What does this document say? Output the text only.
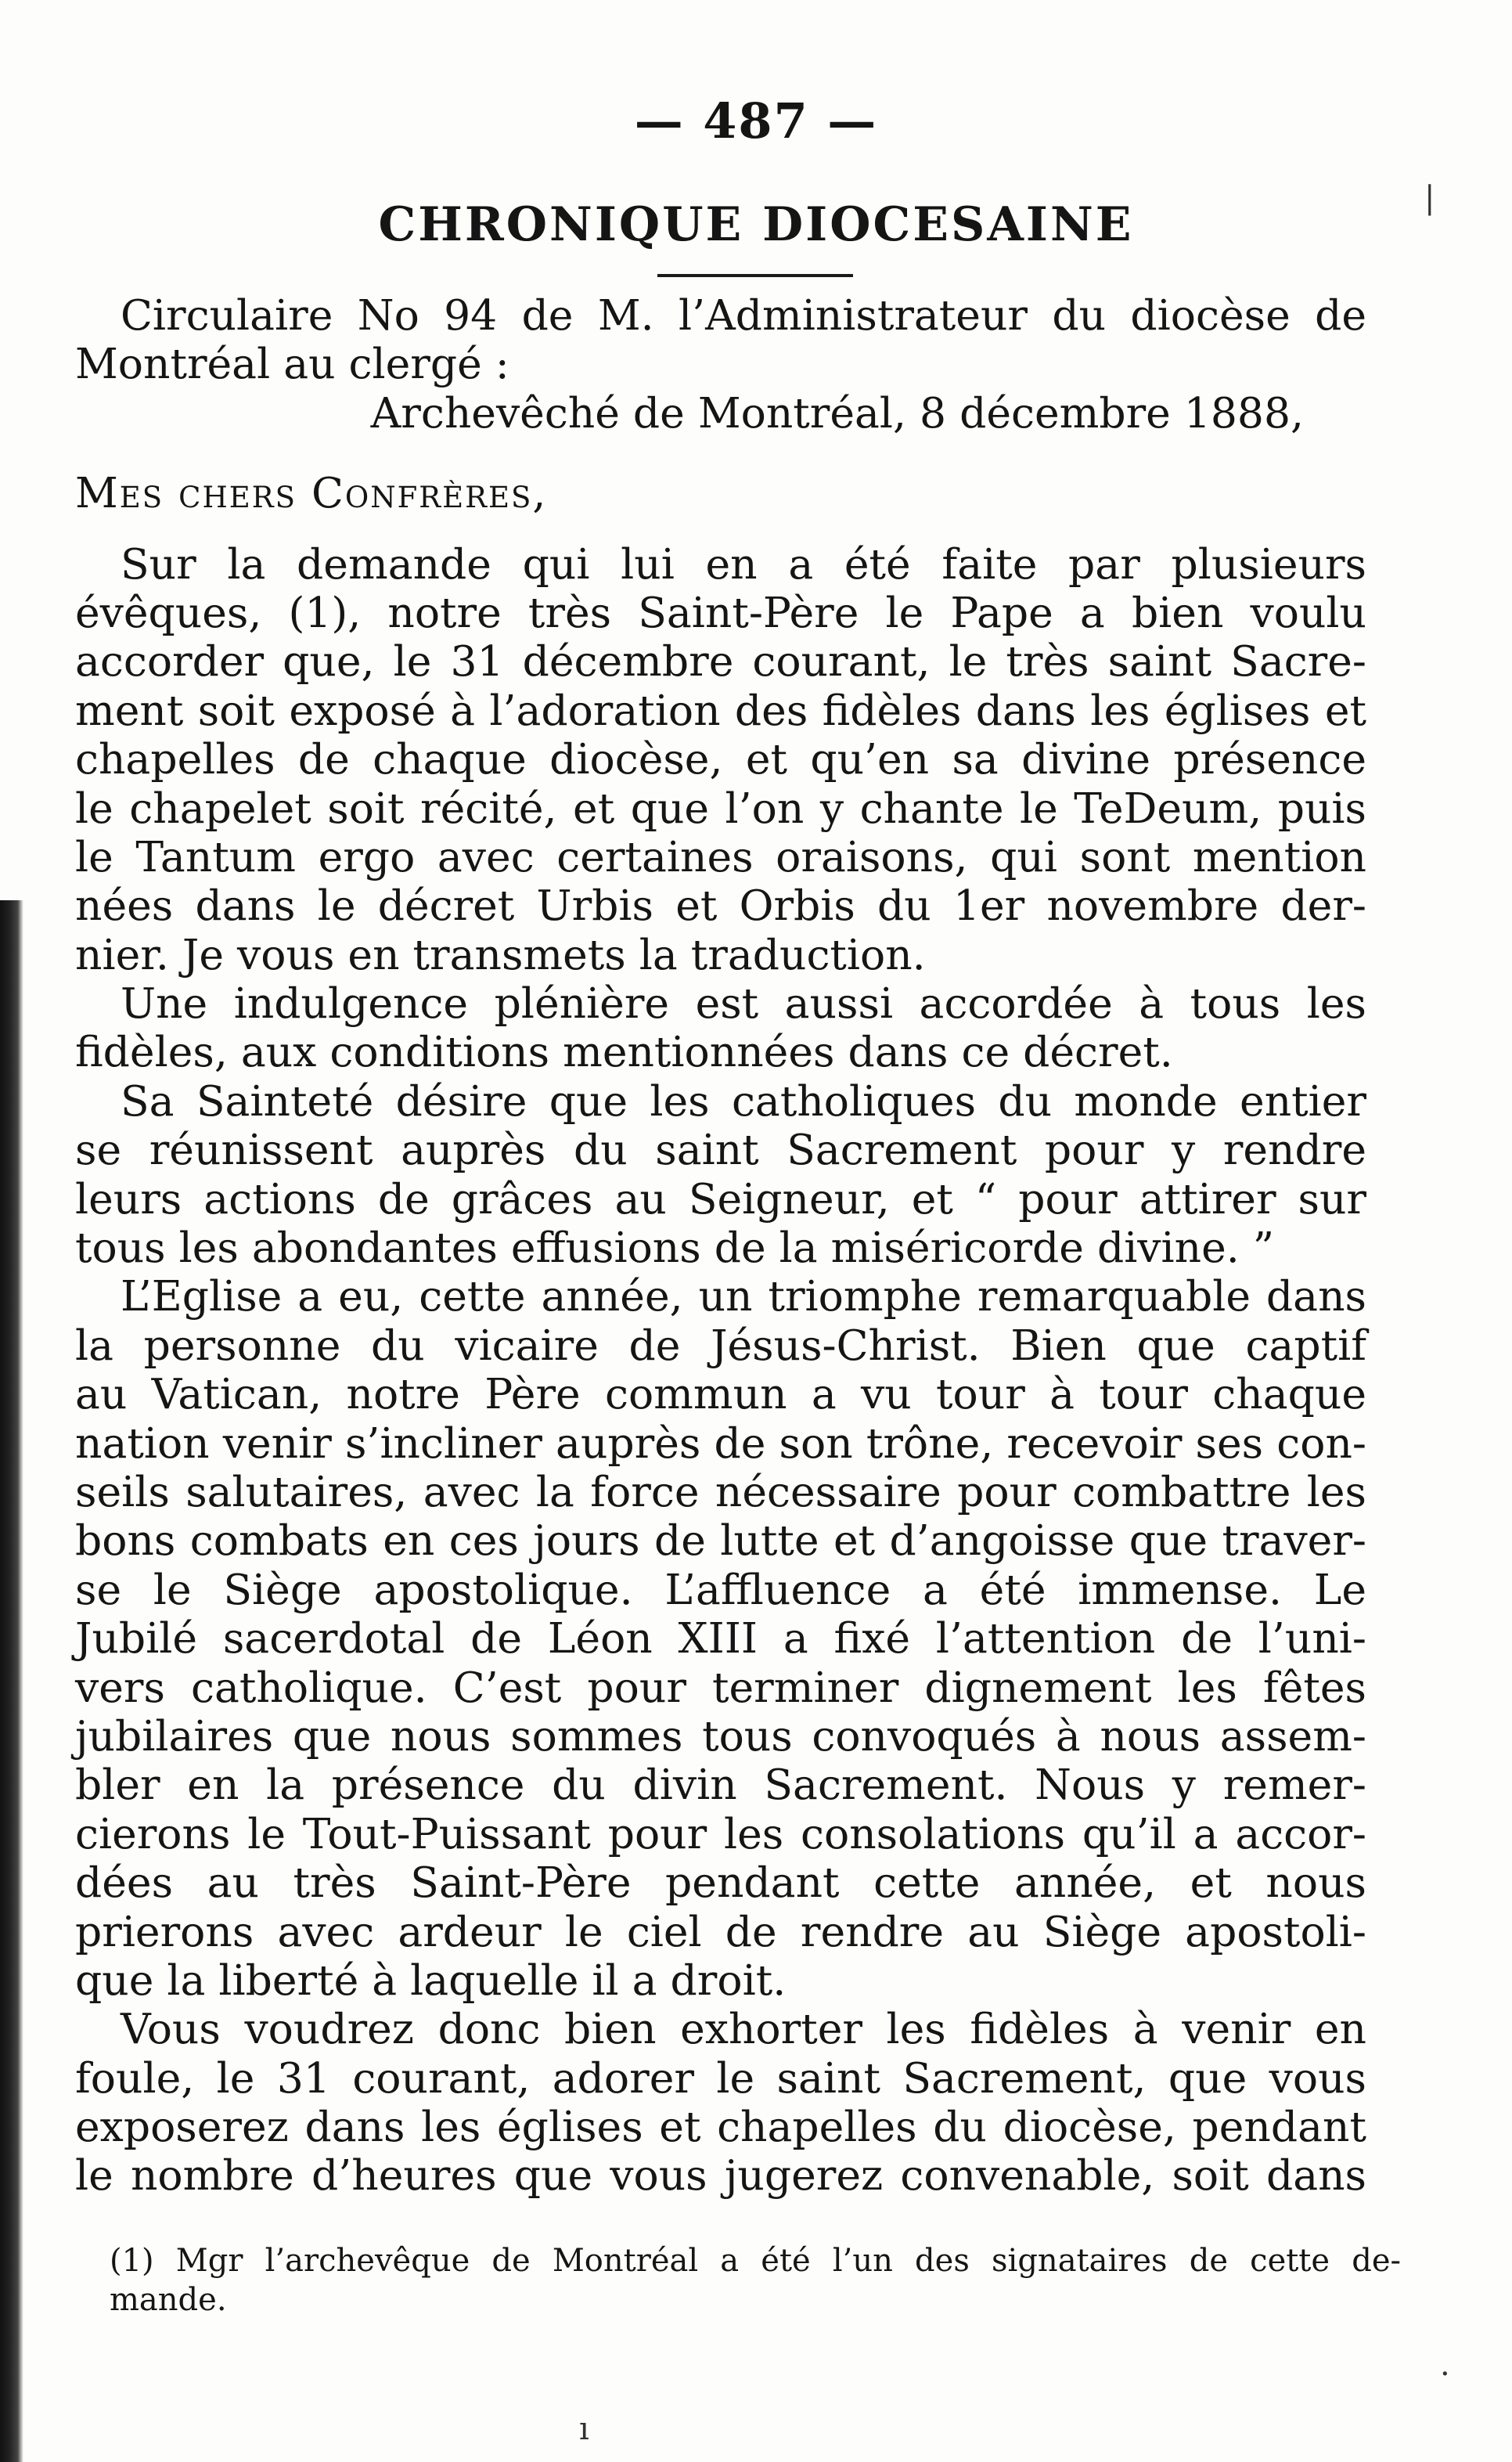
— 487 —
CHRONIQUE DIOCESAINE
Circulaire No 94 de M. l’Administrateur du diocèse de
Montréal au clergé :
Archevêché de Montréal, 8 décembre 1888,
Mes chers Confrères,
Sur la demande qui lui en a été faite par plusieurs
évêques, (1), notre très Saint-Père le Pape a bien voulu
accorder que, le 31 décembre courant, le très saint Sacre-
ment soit exposé à l’adoration des fidèles dans les églises et
chapelles de chaque diocèse, et qu’en sa divine présence
le chapelet soit récité, et que l’on y chante le TeDeum, puis
le Tantum ergo avec certaines oraisons, qui sont mention
nées dans le décret Urbis et Orbis du 1er novembre der-
nier. Je vous en transmets la traduction.
Une indulgence plénière est aussi accordée à tous les
fidèles, aux conditions mentionnées dans ce décret.
Sa Sainteté désire que les catholiques du monde entier
se réunissent auprès du saint Sacrement pour y rendre
leurs actions de grâces au Seigneur, et “ pour attirer sur
tous les abondantes effusions de la miséricorde divine. ”
L’Eglise a eu, cette année, un triomphe remarquable dans
la personne du vicaire de Jésus-Christ. Bien que captif
au Vatican, notre Père commun a vu tour à tour chaque
nation venir s’incliner auprès de son trône, recevoir ses con-
seils salutaires, avec la force nécessaire pour combattre les
bons combats en ces jours de lutte et d’angoisse que traver-
se le Siège apostolique. L’affluence a été immense. Le
Jubilé sacerdotal de Léon XIII a fixé l’attention de l’uni-
vers catholique. C’est pour terminer dignement les fêtes
jubilaires que nous sommes tous convoqués à nous assem-
bler en la présence du divin Sacrement. Nous y remer-
cierons le Tout-Puissant pour les consolations qu’il a accor-
dées au très Saint-Père pendant cette année, et nous
prierons avec ardeur le ciel de rendre au Siège apostoli-
que la liberté à laquelle il a droit.
Vous voudrez donc bien exhorter les fidèles à venir en
foule, le 31 courant, adorer le saint Sacrement, que vous
exposerez dans les églises et chapelles du diocèse, pendant
le nombre d’heures que vous jugerez convenable, soit dans
(1) Mgr l’archevêque de Montréal a été l’un des signataires de cette de-
mande.
|
·
ı
